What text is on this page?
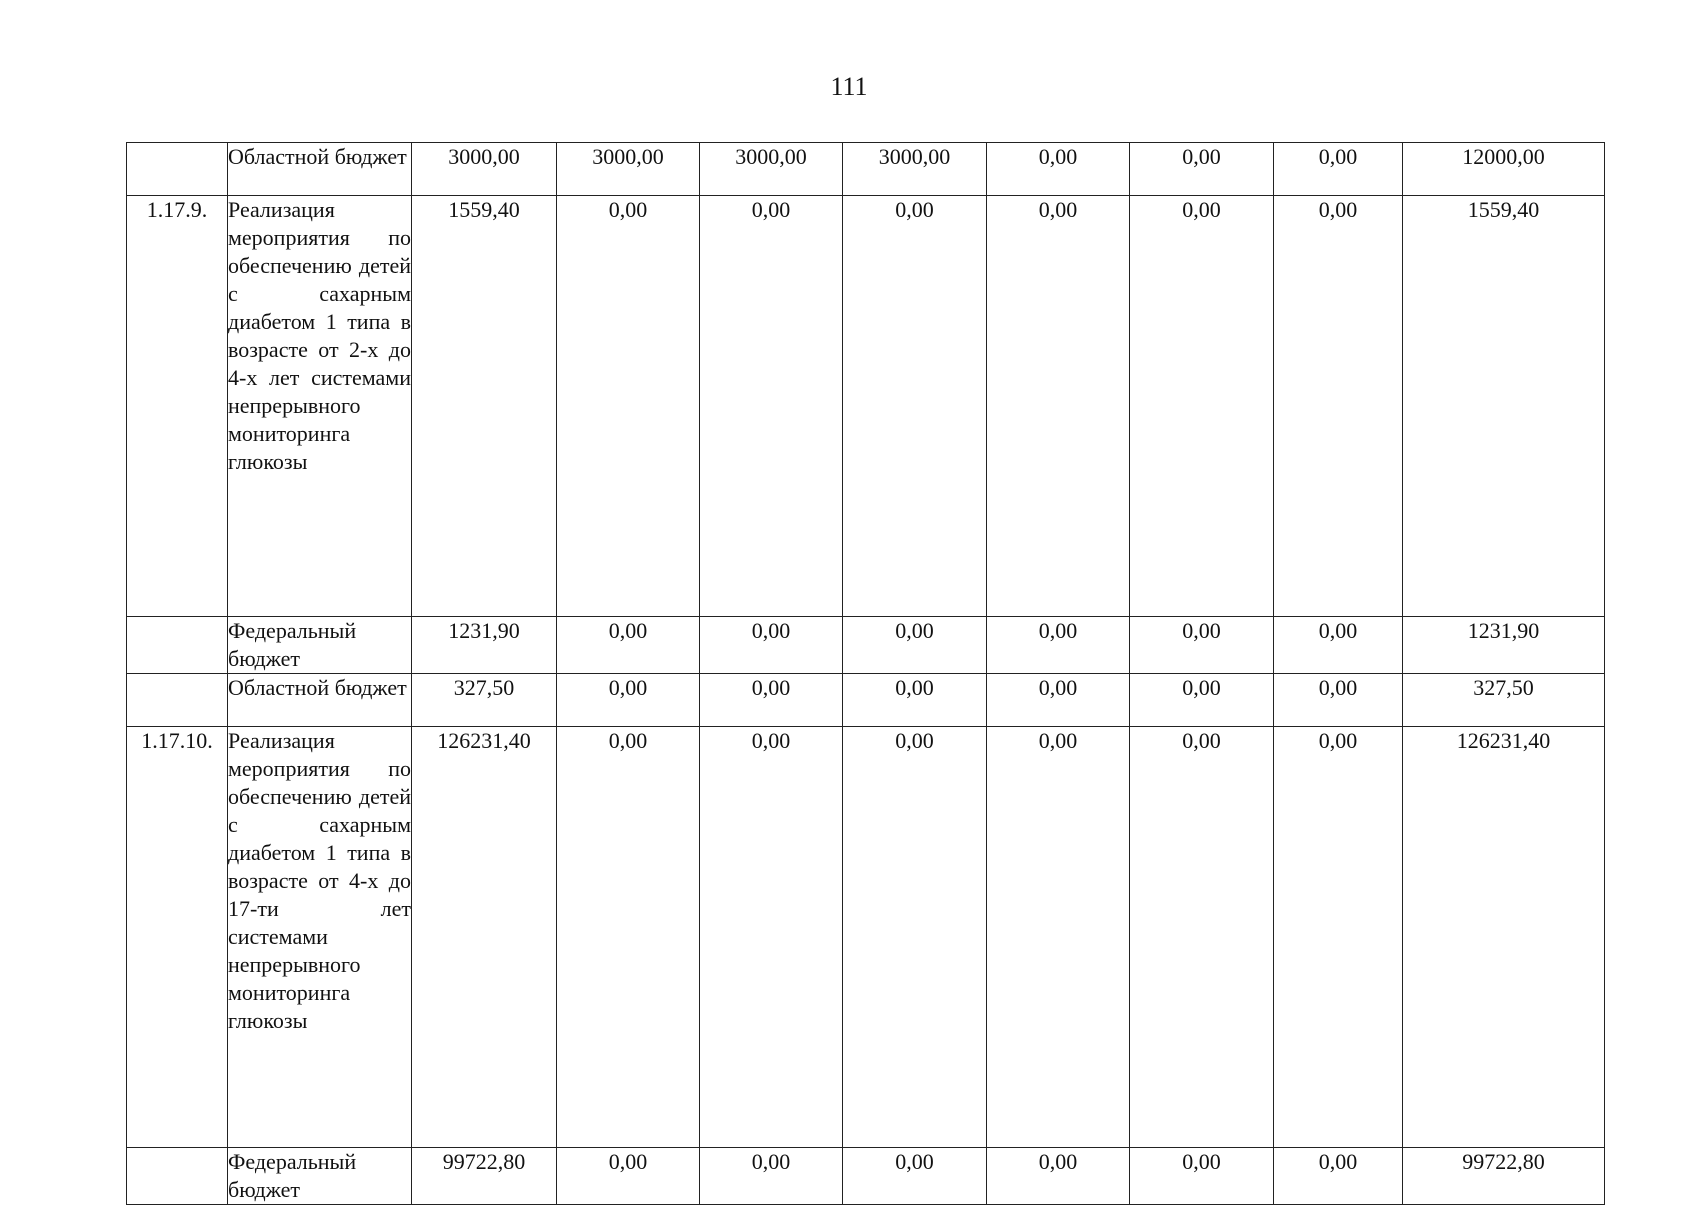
111
	Областной бюджет	3000,00	3000,00	3000,00	3000,00	0,00	0,00	0,00	12000,00
1.17.9.	Реализация мероприятия по обеспечению детей с сахарным диабетом 1 типа в возрасте от 2-х до 4-х лет системами непрерывного мониторинга глюкозы	1559,40	0,00	0,00	0,00	0,00	0,00	0,00	1559,40
	Федеральный бюджет	1231,90	0,00	0,00	0,00	0,00	0,00	0,00	1231,90
	Областной бюджет	327,50	0,00	0,00	0,00	0,00	0,00	0,00	327,50
1.17.10.	Реализация мероприятия по обеспечению детей с сахарным диабетом 1 типа в возрасте от 4-х до 17-ти лет системами непрерывного мониторинга глюкозы	126231,40	0,00	0,00	0,00	0,00	0,00	0,00	126231,40
	Федеральный бюджет	99722,80	0,00	0,00	0,00	0,00	0,00	0,00	99722,80
